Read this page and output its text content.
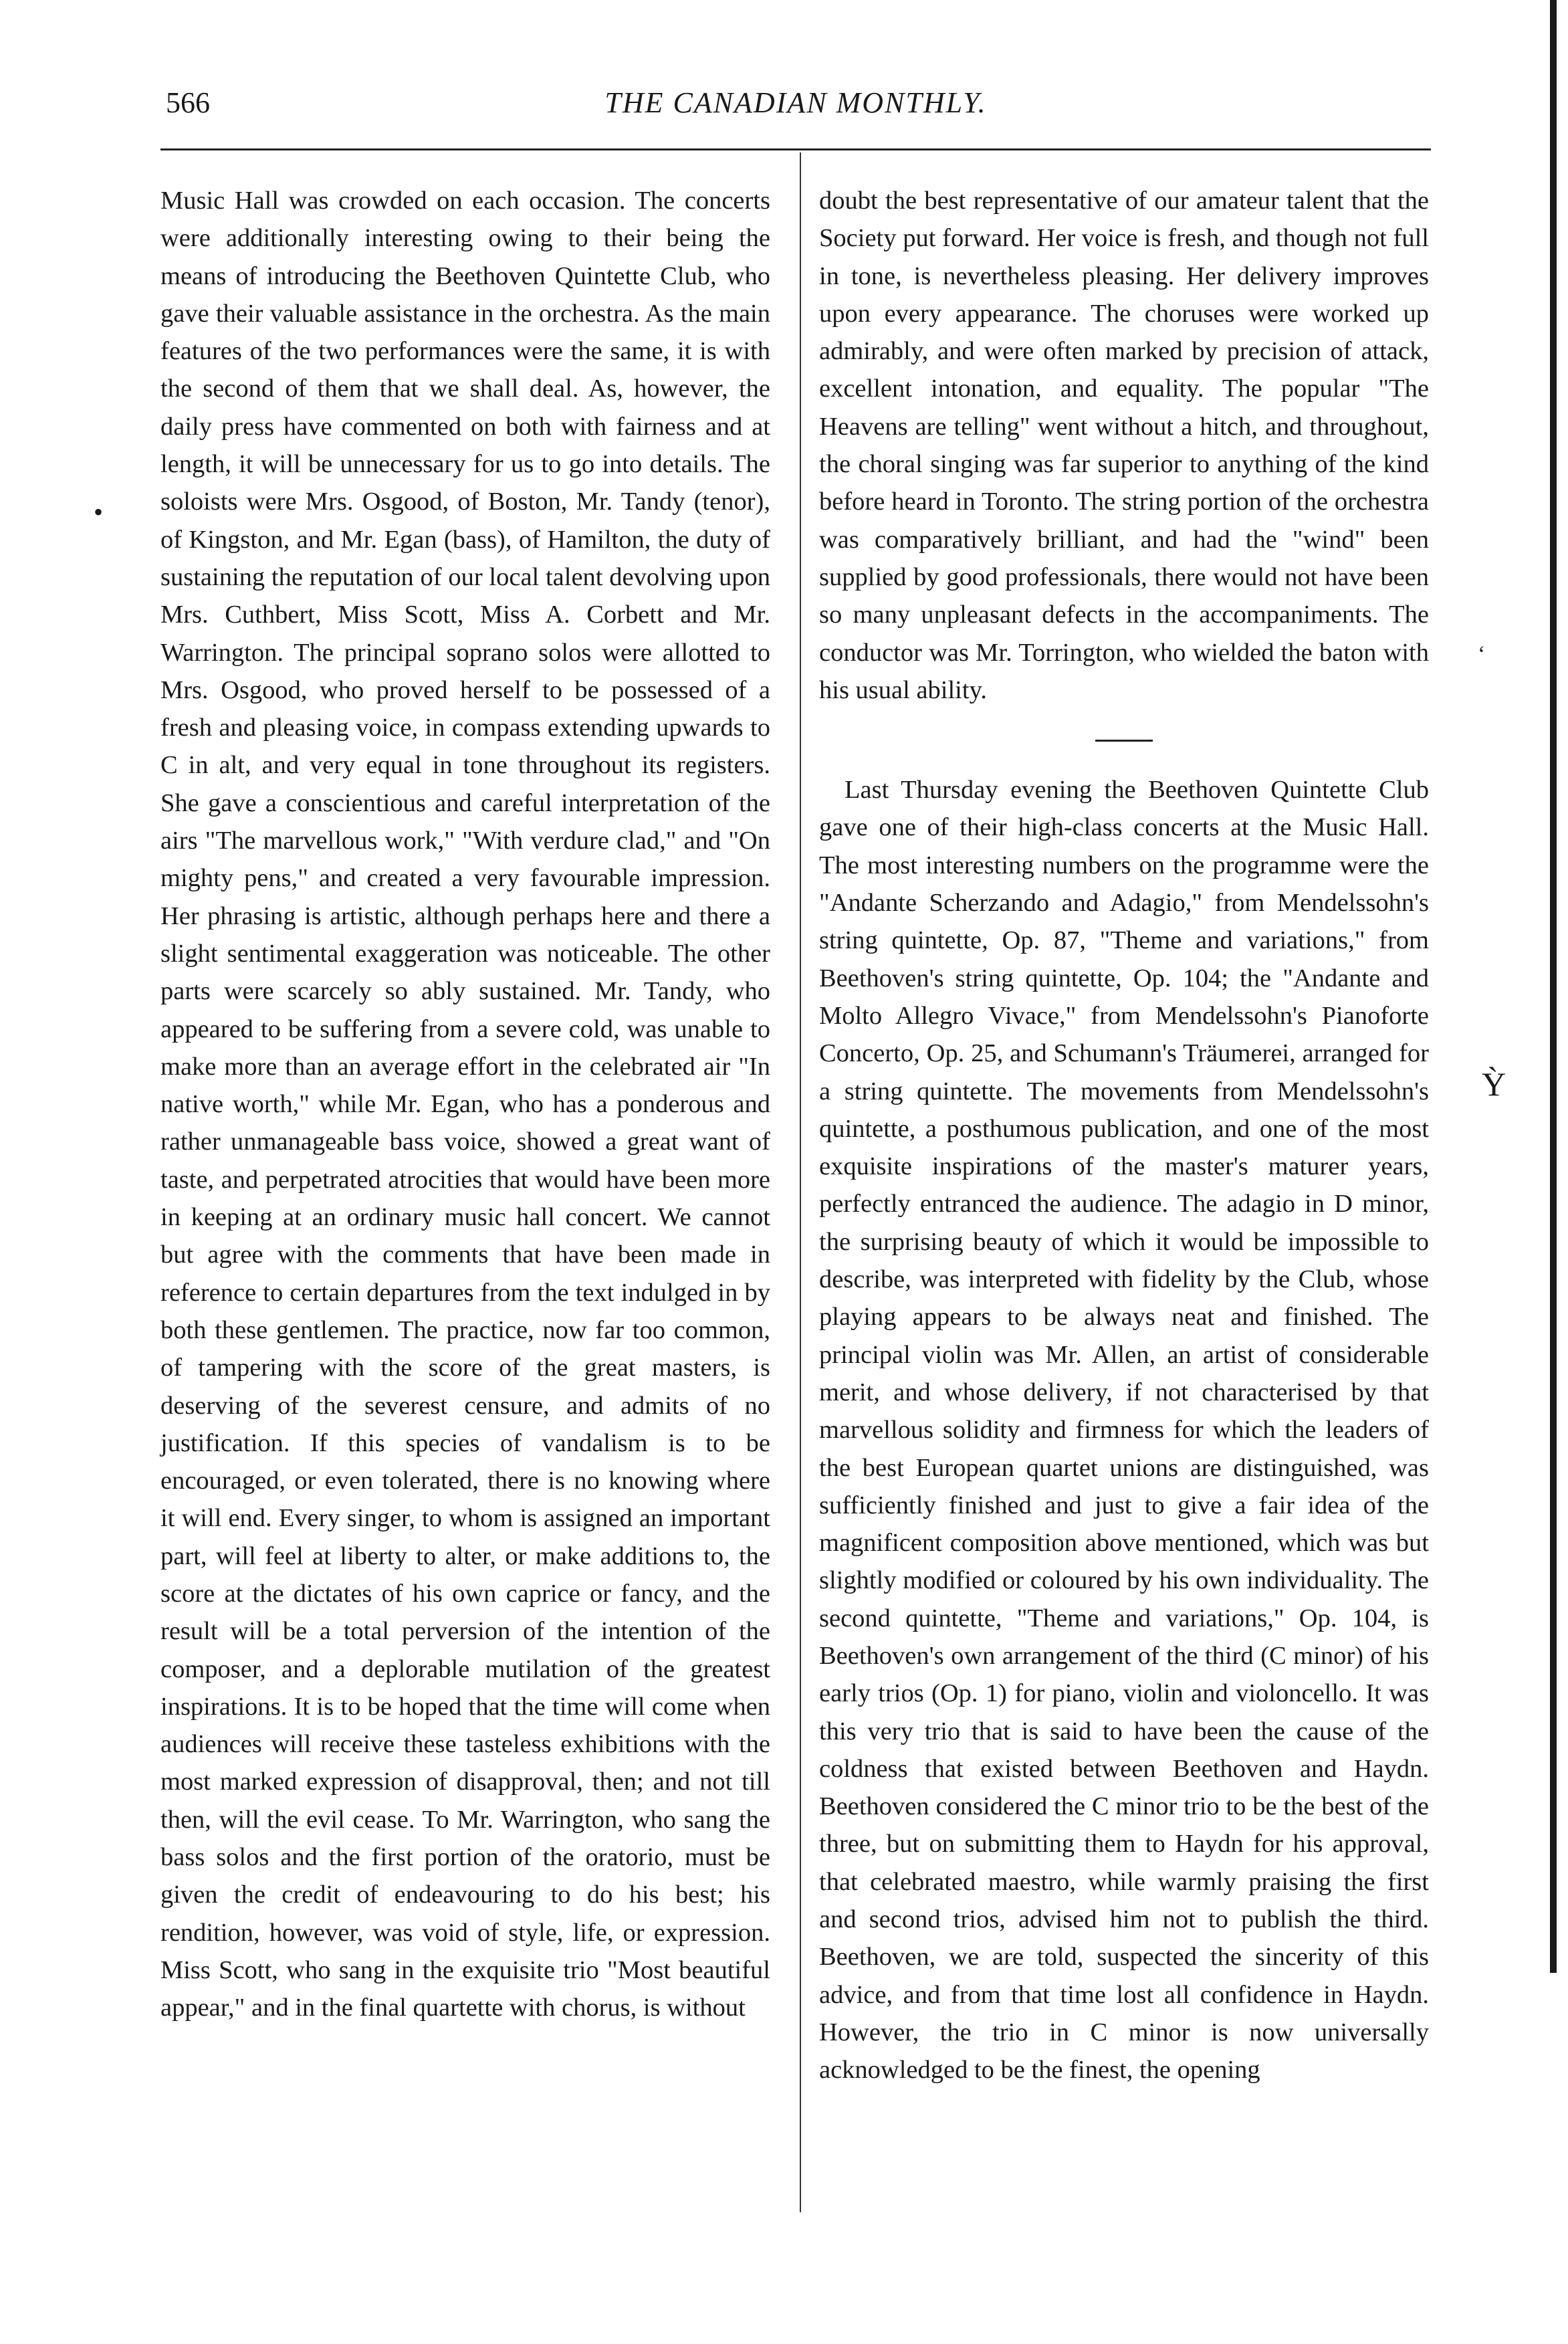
566	THE CANADIAN MONTHLY.

Music Hall was crowded on each occasion. The concerts were additionally interesting owing to their being the means of introducing the Beethoven Quintette Club, who gave their valuable assistance in the orchestra. As the main features of the two performances were the same, it is with the second of them that we shall deal. As, however, the daily press have commented on both with fairness and at length, it will be unnecessary for us to go into details. The soloists were Mrs. Osgood, of Boston, Mr. Tandy (tenor), of Kingston, and Mr. Egan (bass), of Hamilton, the duty of sustaining the reputation of our local talent devolving upon Mrs. Cuthbert, Miss Scott, Miss A. Corbett and Mr. Warrington. The principal soprano solos were allotted to Mrs. Osgood, who proved herself to be possessed of a fresh and pleasing voice, in compass extending upwards to C in alt, and very equal in tone throughout its registers. She gave a conscientious and careful interpretation of the airs "The marvellous work," "With verdure clad," and "On mighty pens," and created a very favourable impression. Her phrasing is artistic, although perhaps here and there a slight sentimental exaggeration was noticeable. The other parts were scarcely so ably sustained. Mr. Tandy, who appeared to be suffering from a severe cold, was unable to make more than an average effort in the celebrated air "In native worth," while Mr. Egan, who has a ponderous and rather unmanageable bass voice, showed a great want of taste, and perpetrated atrocities that would have been more in keeping at an ordinary music hall concert. We cannot but agree with the comments that have been made in reference to certain departures from the text indulged in by both these gentlemen. The practice, now far too common, of tampering with the score of the great masters, is deserving of the severest censure, and admits of no justification. If this species of vandalism is to be encouraged, or even tolerated, there is no knowing where it will end. Every singer, to whom is assigned an important part, will feel at liberty to alter, or make additions to, the score at the dictates of his own caprice or fancy, and the result will be a total perversion of the intention of the composer, and a deplorable mutilation of the greatest inspirations. It is to be hoped that the time will come when audiences will receive these tasteless exhibitions with the most marked expression of disapproval, then; and not till then, will the evil cease. To Mr. Warrington, who sang the bass solos and the first portion of the oratorio, must be given the credit of endeavouring to do his best; his rendition, however, was void of style, life, or expression. Miss Scott, who sang in the exquisite trio "Most beautiful appear," and in the final quartette with chorus, is without

doubt the best representative of our amateur talent that the Society put forward. Her voice is fresh, and though not full in tone, is nevertheless pleasing. Her delivery improves upon every appearance. The choruses were worked up admirably, and were often marked by precision of attack, excellent intonation, and equality. The popular "The Heavens are telling" went without a hitch, and throughout, the choral singing was far superior to anything of the kind before heard in Toronto. The string portion of the orchestra was comparatively brilliant, and had the "wind" been supplied by good professionals, there would not have been so many unpleasant defects in the accompaniments. The conductor was Mr. Torrington, who wielded the baton with his usual ability.

Last Thursday evening the Beethoven Quintette Club gave one of their high-class concerts at the Music Hall. The most interesting numbers on the programme were the "Andante Scherzando and Adagio," from Mendelssohn's string quintette, Op. 87, "Theme and variations," from Beethoven's string quintette, Op. 104; the "Andante and Molto Allegro Vivace," from Mendelssohn's Pianoforte Concerto, Op. 25, and Schumann's Träumerei, arranged for a string quintette. The movements from Mendelssohn's quintette, a posthumous publication, and one of the most exquisite inspirations of the master's maturer years, perfectly entranced the audience. The adagio in D minor, the surprising beauty of which it would be impossible to describe, was interpreted with fidelity by the Club, whose playing appears to be always neat and finished. The principal violin was Mr. Allen, an artist of considerable merit, and whose delivery, if not characterised by that marvellous solidity and firmness for which the leaders of the best European quartet unions are distinguished, was sufficiently finished and just to give a fair idea of the magnificent composition above mentioned, which was but slightly modified or coloured by his own individuality. The second quintette, "Theme and variations," Op. 104, is Beethoven's own arrangement of the third (C minor) of his early trios (Op. 1) for piano, violin and violoncello. It was this very trio that is said to have been the cause of the coldness that existed between Beethoven and Haydn. Beethoven considered the C minor trio to be the best of the three, but on submitting them to Haydn for his approval, that celebrated maestro, while warmly praising the first and second trios, advised him not to publish the third. Beethoven, we are told, suspected the sincerity of this advice, and from that time lost all confidence in Haydn. However, the trio in C minor is now universally acknowledged to be the finest, the opening

•
‘
Ỳ
